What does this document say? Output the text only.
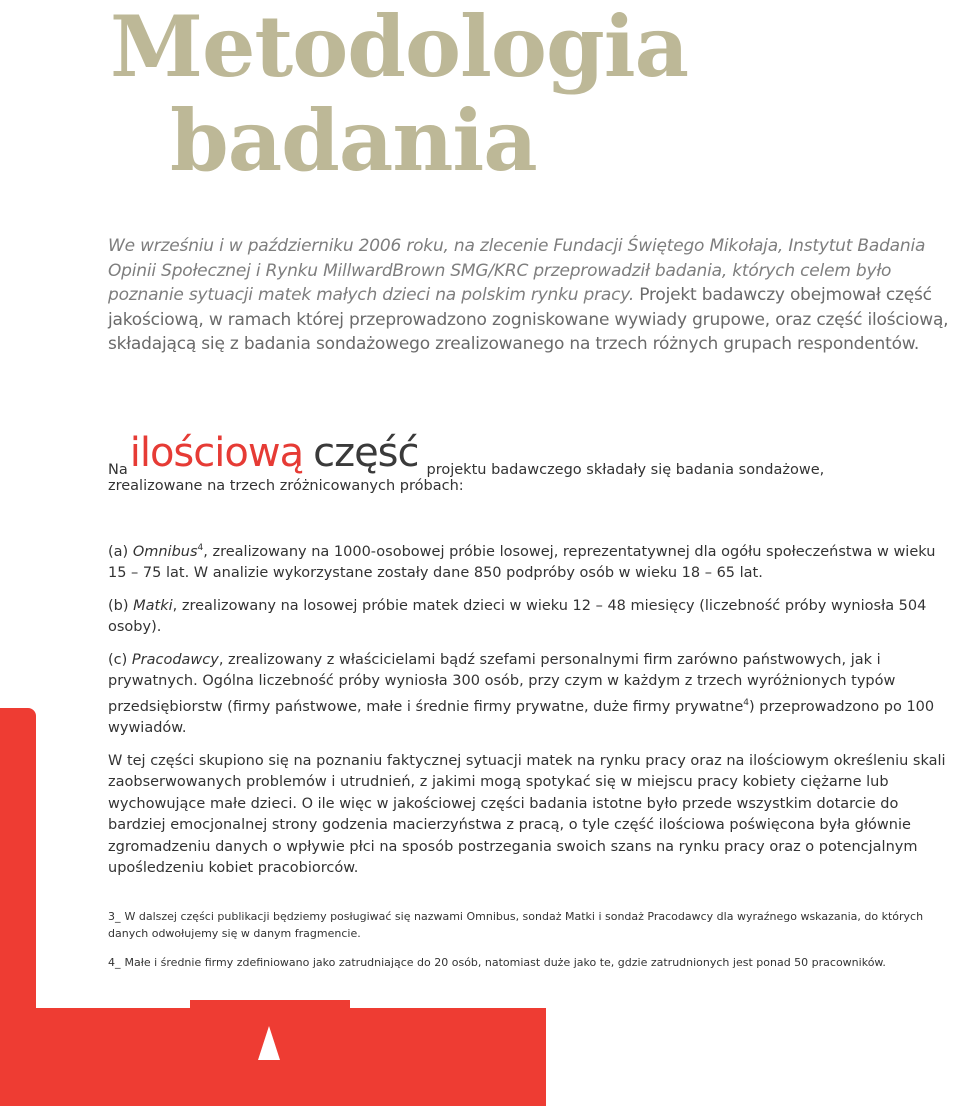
Metodologia
badania

We wrześniu i w październiku 2006 roku, na zlecenie Fundacji Świętego Mikołaja, Instytut Badania Opinii Społecznej i Rynku MillwardBrown SMG/KRC przeprowadził badania, których celem było poznanie sytuacji matek małych dzieci na polskim rynku pracy. Projekt badawczy obejmował część jakościową, w ramach której przeprowadzono zogniskowane wywiady grupowe, oraz część ilościową, składającą się z badania sondażowego zrealizowanego na trzech różnych grupach respondentów.

Nailościową część projektu badawczego składały się badania sondażowe,
zrealizowane na trzech zróżnicowanych próbach:

(a) Omnibus$^4$, zrealizowany na 1000-osobowej próbie losowej, reprezentatywnej dla ogółu społeczeństwa w wieku 15 – 75 lat. W analizie wykorzystane zostały dane 850 podpróby osób w wieku 18 – 65 lat.

(b) Matki, zrealizowany na losowej próbie matek dzieci w wieku 12 – 48 miesięcy (liczebność próby wyniosła 504 osoby).

(c) Pracodawcy, zrealizowany z właścicielami bądź szefami personalnymi firm zarówno państwowych, jak i prywatnych. Ogólna liczebność próby wyniosła 300 osób, przy czym w każdym z trzech wyróżnionych typów przedsiębiorstw (firmy państwowe, małe i średnie firmy prywatne, duże firmy prywatne$^4$) przeprowadzono po 100 wywiadów.

W tej części skupiono się na poznaniu faktycznej sytuacji matek na rynku pracy oraz na ilościowym określeniu skali zaobserwowanych problemów i utrudnień, z jakimi mogą spotykać się w miejscu pracy kobiety ciężarne lub wychowujące małe dzieci. O ile więc w jakościowej części badania istotne było przede wszystkim dotarcie do bardziej emocjonalnej strony godzenia macierzyństwa z pracą, o tyle część ilościowa poświęcona była głównie zgromadzeniu danych o wpływie płci na sposób postrzegania swoich szans na rynku pracy oraz o potencjalnym upośledzeniu kobiet pracobiorców.

3_ W dalszej części publikacji będziemy posługiwać się nazwami Omnibus, sondaż Matki i sondaż Pracodawcy dla wyraźnego wskazania, do których danych odwołujemy się w danym fragmencie.

4_ Małe i średnie firmy zdefiniowano jako zatrudniające do 20 osób, natomiast duże jako te, gdzie zatrudnionych jest ponad 50 pracowników.
